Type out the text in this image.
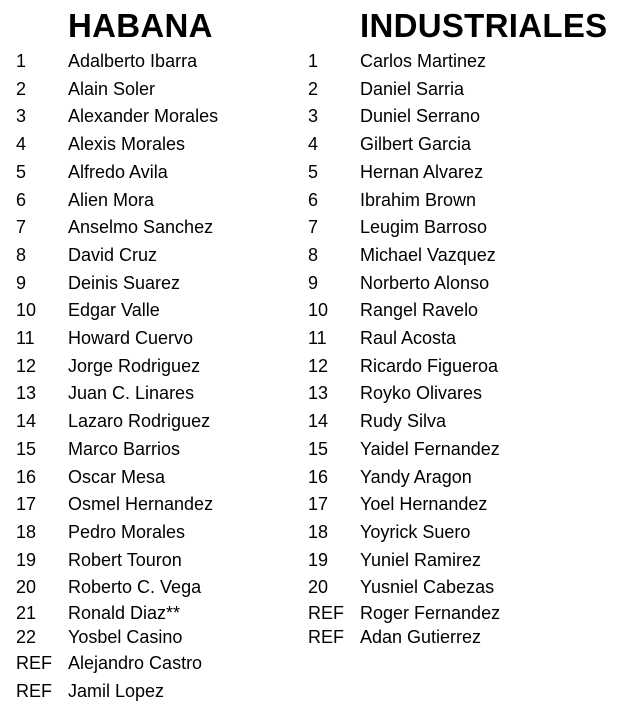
HABANA
1 Adalberto Ibarra
2 Alain Soler
3 Alexander Morales
4 Alexis Morales
5 Alfredo Avila
6 Alien Mora
7 Anselmo Sanchez
8 David Cruz
9 Deinis Suarez
10 Edgar Valle
11 Howard Cuervo
12 Jorge Rodriguez
13 Juan C. Linares
14 Lazaro Rodriguez
15 Marco Barrios
16 Oscar Mesa
17 Osmel Hernandez
18 Pedro Morales
19 Robert Touron
20 Roberto C. Vega
21 Ronald Diaz**
22 Yosbel Casino
REF Alejandro Castro
REF Jamil Lopez
INDUSTRIALES
1 Carlos Martinez
2 Daniel Sarria
3 Duniel Serrano
4 Gilbert Garcia
5 Hernan Alvarez
6 Ibrahim Brown
7 Leugim Barroso
8 Michael Vazquez
9 Norberto Alonso
10 Rangel Ravelo
11 Raul Acosta
12 Ricardo Figueroa
13 Royko Olivares
14 Rudy Silva
15 Yaidel Fernandez
16 Yandy Aragon
17 Yoel Hernandez
18 Yoyrick Suero
19 Yuniel Ramirez
20 Yusniel Cabezas
REF Roger Fernandez
REF Adan Gutierrez
